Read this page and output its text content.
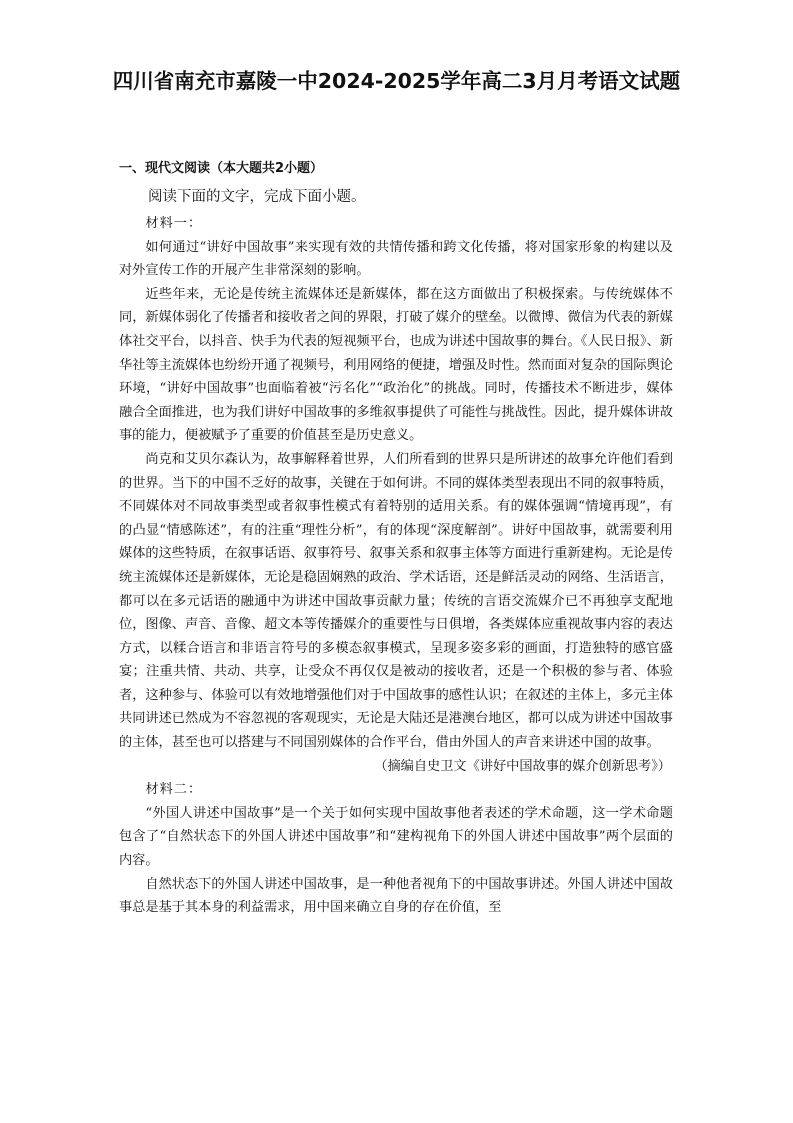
四川省南充市嘉陵一中2024-2025学年高二3月月考语文试题
一、现代文阅读（本大题共2小题）
阅读下面的文字，完成下面小题。

材料一：

如何通过“讲好中国故事”来实现有效的共情传播和跨文化传播，将对国家形象的构建以及对外宣传工作的开展产生非常深刻的影响。

近些年来，无论是传统主流媒体还是新媒体，都在这方面做出了积极探索。与传统媒体不同，新媒体弱化了传播者和接收者之间的界限，打破了媒介的壁垒。以微博、微信为代表的新媒体社交平台，以抖音、快手为代表的短视频平台，也成为讲述中国故事的舞台。《人民日报》、新华社等主流媒体也纷纷开通了视频号，利用网络的便捷，增强及时性。然而面对复杂的国际舆论环境，“讲好中国故事”也面临着被“污名化”“政治化”的挑战。同时，传播技术不断进步，媒体融合全面推进，也为我们讲好中国故事的多维叙事提供了可能性与挑战性。因此，提升媒体讲故事的能力，便被赋予了重要的价值甚至是历史意义。

尚克和艾贝尔森认为，故事解释着世界，人们所看到的世界只是所讲述的故事允许他们看到的世界。当下的中国不乏好的故事，关键在于如何讲。不同的媒体类型表现出不同的叙事特质，不同媒体对不同故事类型或者叙事性模式有着特别的适用关系。有的媒体强调“情境再现”，有的凸显“情感陈述”，有的注重“理性分析”，有的体现“深度解剖”。讲好中国故事，就需要利用媒体的这些特质，在叙事话语、叙事符号、叙事关系和叙事主体等方面进行重新建构。无论是传统主流媒体还是新媒体，无论是稳固娴熟的政治、学术话语，还是鲜活灵动的网络、生活语言，都可以在多元话语的融通中为讲述中国故事贡献力量；传统的言语交流媒介已不再独享支配地位，图像、声音、音像、超文本等传播媒介的重要性与日俱增，各类媒体应重视故事内容的表达方式，以糅合语言和非语言符号的多模态叙事模式，呈现多姿多彩的画面，打造独特的感官盛宴；注重共情、共动、共享，让受众不再仅仅是被动的接收者，还是一个积极的参与者、体验者，这种参与、体验可以有效地增强他们对于中国故事的感性认识；在叙述的主体上，多元主体共同讲述已然成为不容忽视的客观现实，无论是大陆还是港澳台地区，都可以成为讲述中国故事的主体，甚至也可以搭建与不同国别媒体的合作平台，借由外国人的声音来讲述中国的故事。

（摘编自史卫文《讲好中国故事的媒介创新思考》）

材料二：

“外国人讲述中国故事”是一个关于如何实现中国故事他者表述的学术命题，这一学术命题包含了“自然状态下的外国人讲述中国故事”和“建构视角下的外国人讲述中国故事”两个层面的内容。

自然状态下的外国人讲述中国故事，是一种他者视角下的中国故事讲述。外国人讲述中国故事总是基于其本身的利益需求，用中国来确立自身的存在价值，至
